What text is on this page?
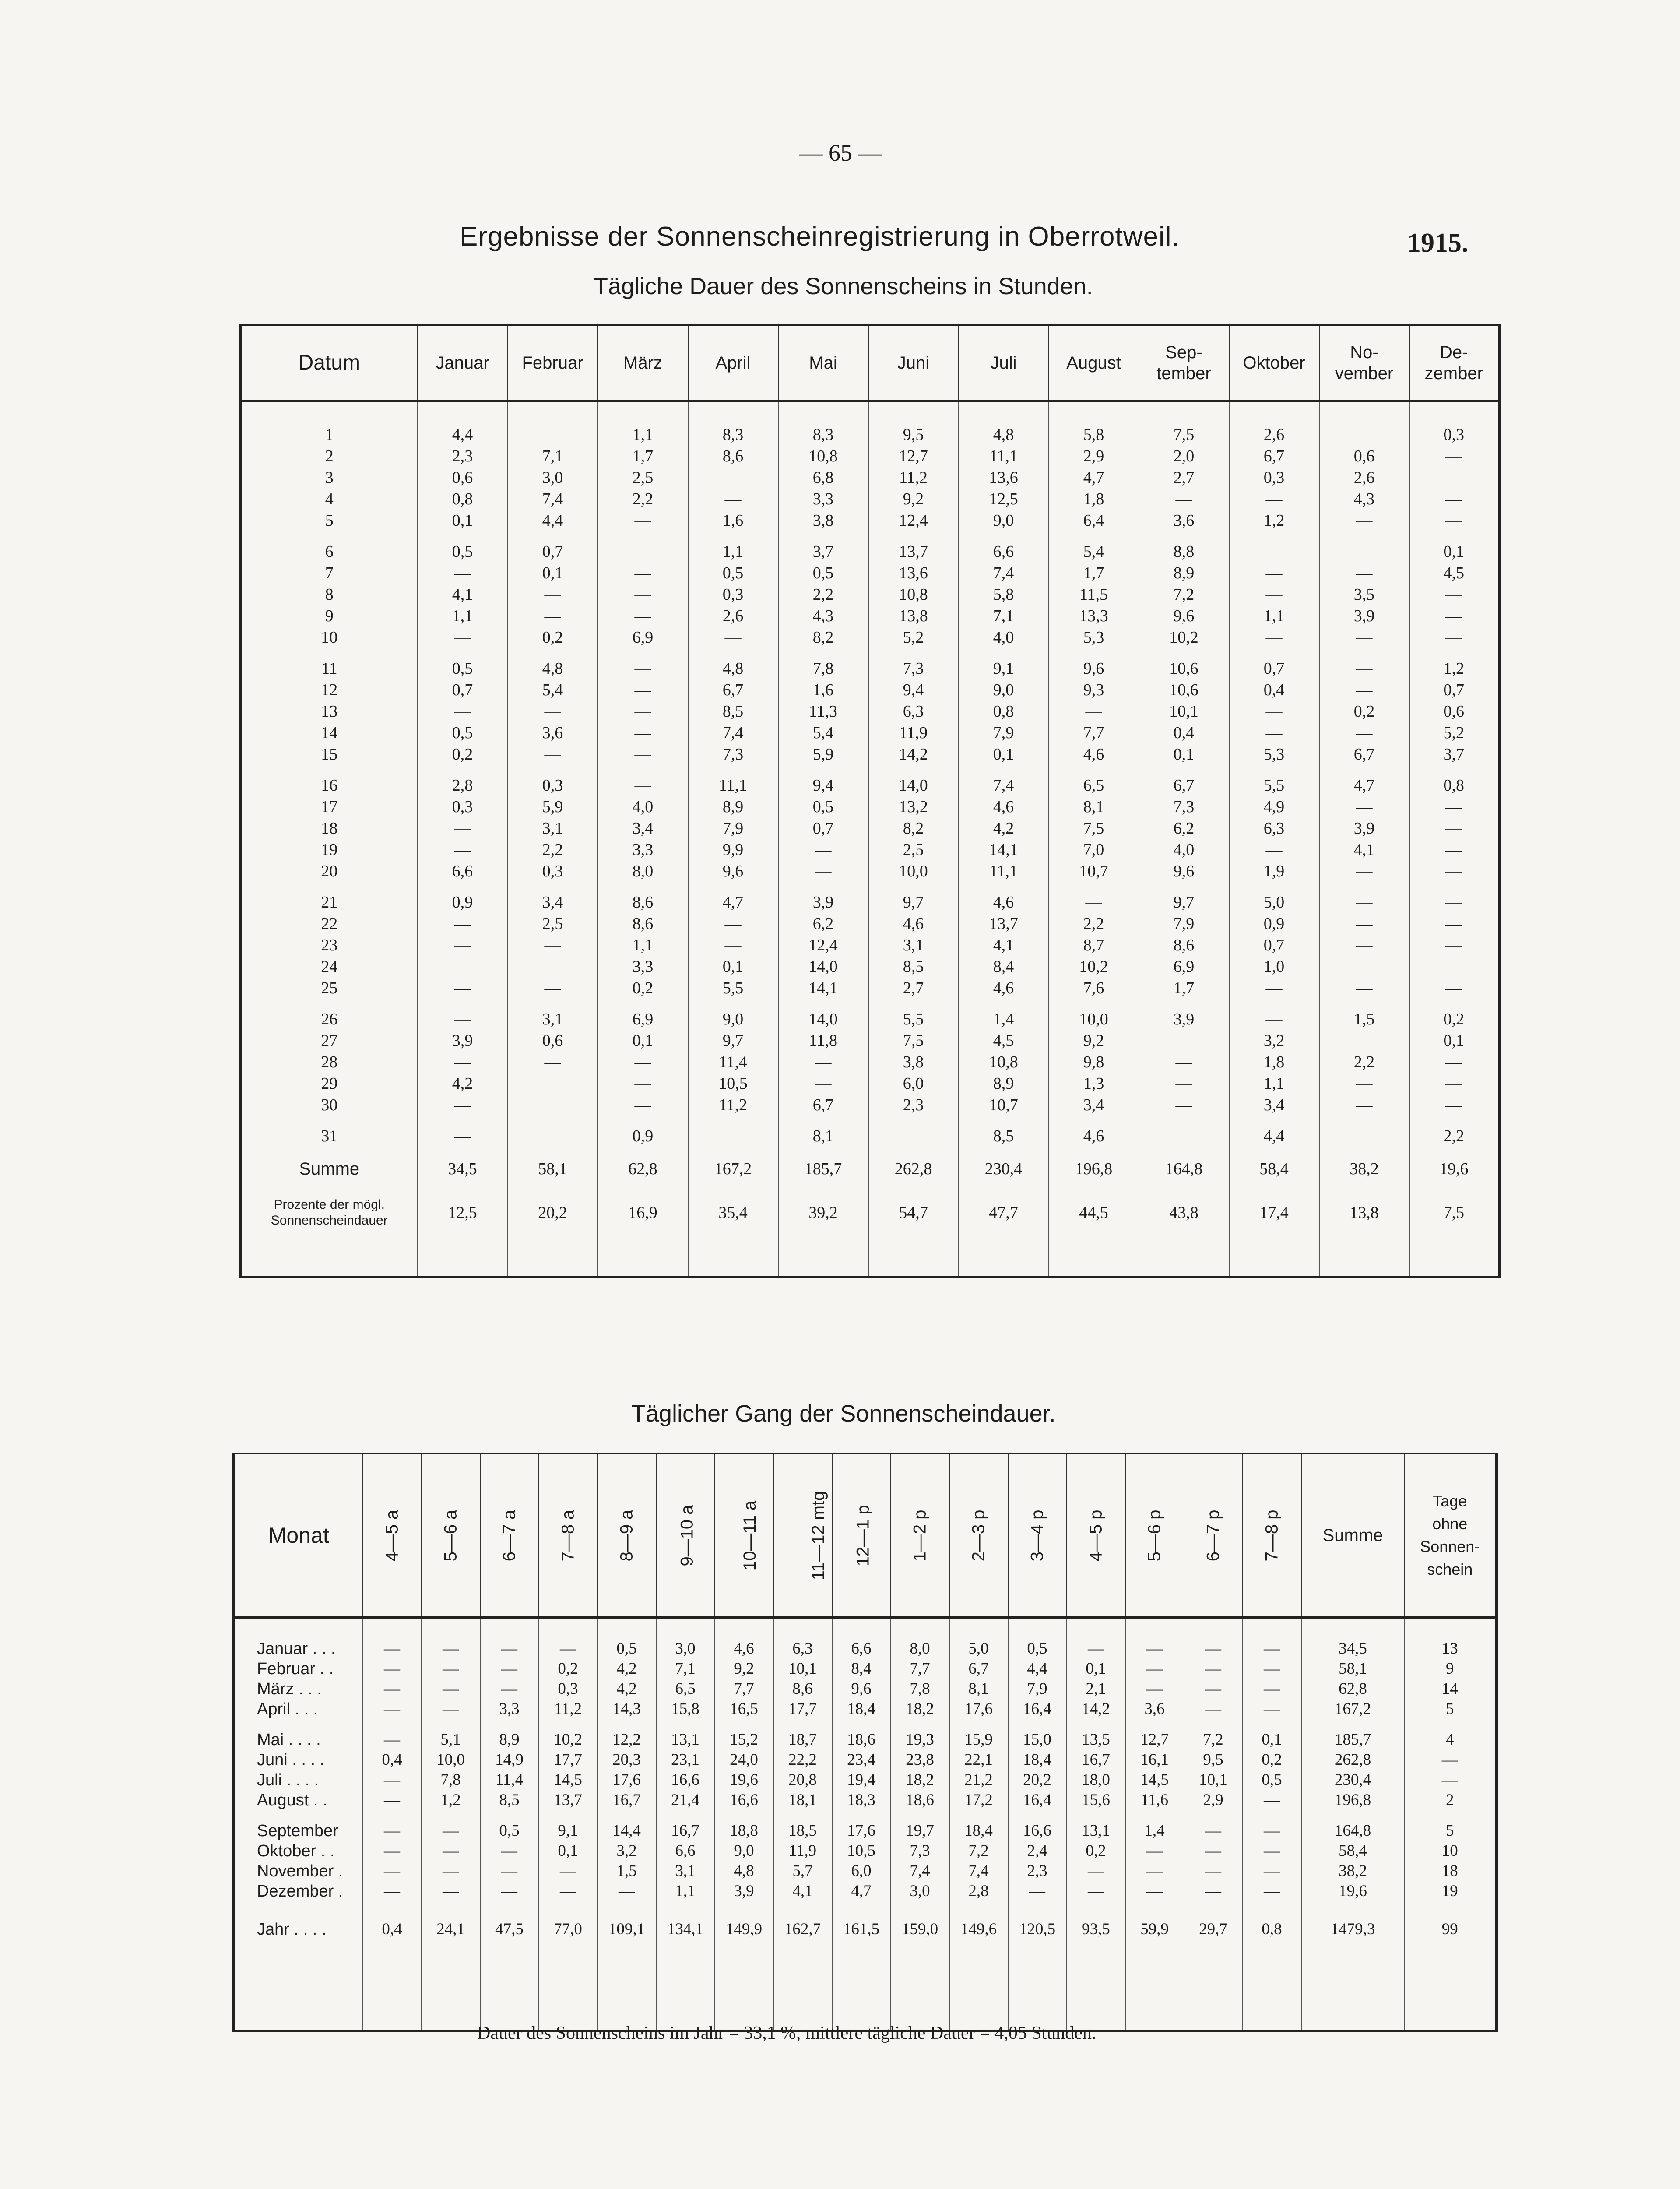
— 65 —
Ergebnisse der Sonnenscheinregistrierung in Oberrotweil.	1915.
Tägliche Dauer des Sonnenscheins in Stunden.
Datum	Januar	Februar	März	April	Mai	Juni	Juli	August	Sep-
tember	Oktober	No-
vember	De-
zember

1	4,4	—	1,1	8,3	8,3	9,5	4,8	5,8	7,5	2,6	—	0,3
2	2,3	7,1	1,7	8,6	10,8	12,7	11,1	2,9	2,0	6,7	0,6	—
3	0,6	3,0	2,5	—	6,8	11,2	13,6	4,7	2,7	0,3	2,6	—
4	0,8	7,4	2,2	—	3,3	9,2	12,5	1,8	—	—	4,3	—
5	0,1	4,4	—	1,6	3,8	12,4	9,0	6,4	3,6	1,2	—	—

6	0,5	0,7	—	1,1	3,7	13,7	6,6	5,4	8,8	—	—	0,1
7	—	0,1	—	0,5	0,5	13,6	7,4	1,7	8,9	—	—	4,5
8	4,1	—	—	0,3	2,2	10,8	5,8	11,5	7,2	—	3,5	—
9	1,1	—	—	2,6	4,3	13,8	7,1	13,3	9,6	1,1	3,9	—
10	—	0,2	6,9	—	8,2	5,2	4,0	5,3	10,2	—	—	—

11	0,5	4,8	—	4,8	7,8	7,3	9,1	9,6	10,6	0,7	—	1,2
12	0,7	5,4	—	6,7	1,6	9,4	9,0	9,3	10,6	0,4	—	0,7
13	—	—	—	8,5	11,3	6,3	0,8	—	10,1	—	0,2	0,6
14	0,5	3,6	—	7,4	5,4	11,9	7,9	7,7	0,4	—	—	5,2
15	0,2	—	—	7,3	5,9	14,2	0,1	4,6	0,1	5,3	6,7	3,7

16	2,8	0,3	—	11,1	9,4	14,0	7,4	6,5	6,7	5,5	4,7	0,8
17	0,3	5,9	4,0	8,9	0,5	13,2	4,6	8,1	7,3	4,9	—	—
18	—	3,1	3,4	7,9	0,7	8,2	4,2	7,5	6,2	6,3	3,9	—
19	—	2,2	3,3	9,9	—	2,5	14,1	7,0	4,0	—	4,1	—
20	6,6	0,3	8,0	9,6	—	10,0	11,1	10,7	9,6	1,9	—	—

21	0,9	3,4	8,6	4,7	3,9	9,7	4,6	—	9,7	5,0	—	—
22	—	2,5	8,6	—	6,2	4,6	13,7	2,2	7,9	0,9	—	—
23	—	—	1,1	—	12,4	3,1	4,1	8,7	8,6	0,7	—	—
24	—	—	3,3	0,1	14,0	8,5	8,4	10,2	6,9	1,0	—	—
25	—	—	0,2	5,5	14,1	2,7	4,6	7,6	1,7	—	—	—

26	—	3,1	6,9	9,0	14,0	5,5	1,4	10,0	3,9	—	1,5	0,2
27	3,9	0,6	0,1	9,7	11,8	7,5	4,5	9,2	—	3,2	—	0,1
28	—	—	—	11,4	—	3,8	10,8	9,8	—	1,8	2,2	—
29	4,2		—	10,5	—	6,0	8,9	1,3	—	1,1	—	—
30	—		—	11,2	6,7	2,3	10,7	3,4	—	3,4	—	—

31	—		0,9		8,1		8,5	4,6		4,4		2,2
Summe	34,5	58,1	62,8	167,2	185,7	262,8	230,4	196,8	164,8	58,4	38,2	19,6

Prozente der mögl.
Sonnenscheindauer	12,5	20,2	16,9	35,4	39,2	54,7	47,7	44,5	43,8	17,4	13,8	7,5

Täglicher Gang der Sonnenscheindauer.
Monat	4—5 a	5—6 a	6—7 a	7—8 a	8—9 a	9—10 a	10—11 a	11—12 mtg	12—1 p	1—2 p	2—3 p	3—4 p	4—5 p	5—6 p	6—7 p	7—8 p	Summe	Tage
ohne
Sonnen-
schein

Januar . . .	—	—	—	—	0,5	3,0	4,6	6,3	6,6	8,0	5,0	0,5	—	—	—	—	34,5	13
Februar . .	—	—	—	0,2	4,2	7,1	9,2	10,1	8,4	7,7	6,7	4,4	0,1	—	—	—	58,1	9
März . . .	—	—	—	0,3	4,2	6,5	7,7	8,6	9,6	7,8	8,1	7,9	2,1	—	—	—	62,8	14
April . . .	—	—	3,3	11,2	14,3	15,8	16,5	17,7	18,4	18,2	17,6	16,4	14,2	3,6	—	—	167,2	5

Mai . . . .	—	5,1	8,9	10,2	12,2	13,1	15,2	18,7	18,6	19,3	15,9	15,0	13,5	12,7	7,2	0,1	185,7	4
Juni . . . .	0,4	10,0	14,9	17,7	20,3	23,1	24,0	22,2	23,4	23,8	22,1	18,4	16,7	16,1	9,5	0,2	262,8	—
Juli . . . .	—	7,8	11,4	14,5	17,6	16,6	19,6	20,8	19,4	18,2	21,2	20,2	18,0	14,5	10,1	0,5	230,4	—
August . .	—	1,2	8,5	13,7	16,7	21,4	16,6	18,1	18,3	18,6	17,2	16,4	15,6	11,6	2,9	—	196,8	2

September	—	—	0,5	9,1	14,4	16,7	18,8	18,5	17,6	19,7	18,4	16,6	13,1	1,4	—	—	164,8	5
Oktober . .	—	—	—	0,1	3,2	6,6	9,0	11,9	10,5	7,3	7,2	2,4	0,2	—	—	—	58,4	10
November .	—	—	—	—	1,5	3,1	4,8	5,7	6,0	7,4	7,4	2,3	—	—	—	—	38,2	18
Dezember .	—	—	—	—	—	1,1	3,9	4,1	4,7	3,0	2,8	—	—	—	—	—	19,6	19

Jahr . . . .	0,4	24,1	47,5	77,0	109,1	134,1	149,9	162,7	161,5	159,0	149,6	120,5	93,5	59,9	29,7	0,8	1479,3	99

Dauer des Sonnenscheins im Jahr = 33,1 %; mittlere tägliche Dauer = 4,05 Stunden.
